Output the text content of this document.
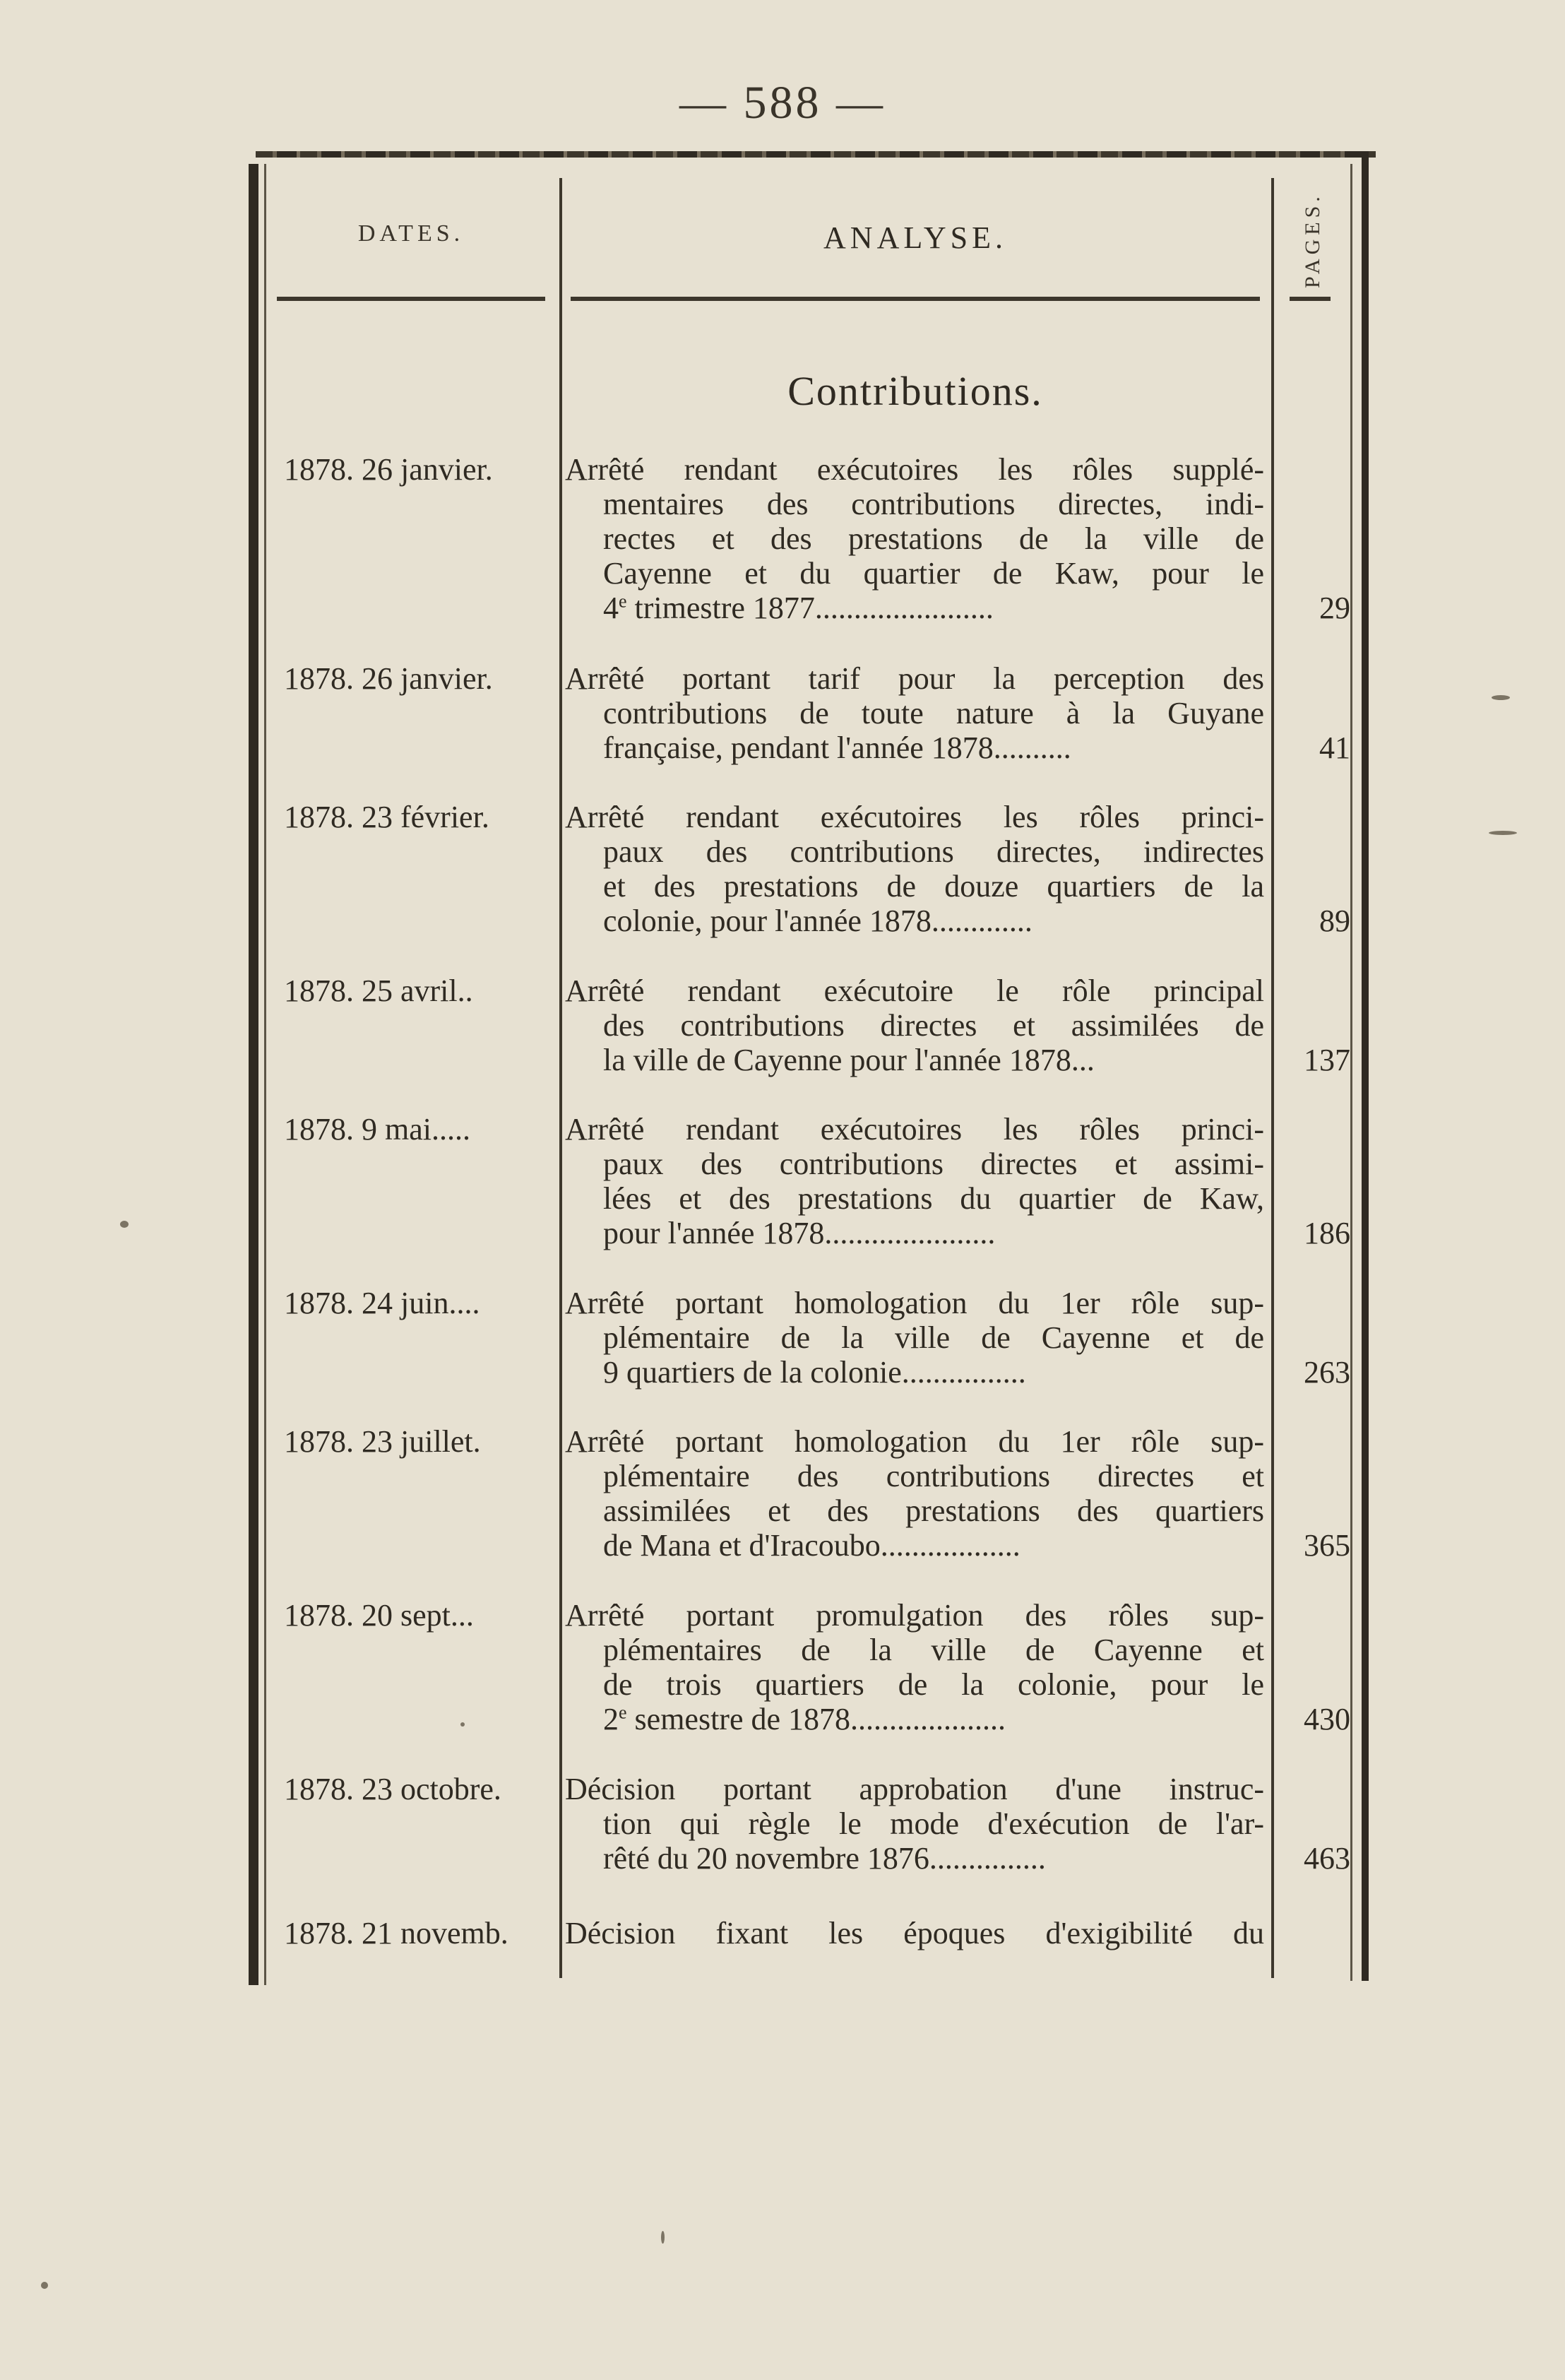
— 588 —
DATES.	ANALYSE.	PAGES.
Contributions.
1878. 26 janvier.	Arrêté rendant exécutoires les rôles supplé-
mentaires des contributions directes, indi-
rectes et des prestations de la ville de
Cayenne et du quartier de Kaw, pour le
4e trimestre 1877.......................	29
1878. 26 janvier.	Arrêté portant tarif pour la perception des
contributions de toute nature à la Guyane
française, pendant l'année 1878..........	41
1878. 23 février.	Arrêté rendant exécutoires les rôles princi-
paux des contributions directes, indirectes
et des prestations de douze quartiers de la
colonie, pour l'année 1878.............	89
1878. 25 avril..	Arrêté rendant exécutoire le rôle principal
des contributions directes et assimilées de
la ville de Cayenne pour l'année 1878...	137
1878. 9 mai.....	Arrêté rendant exécutoires les rôles princi-
paux des contributions directes et assimi-
lées et des prestations du quartier de Kaw,
pour l'année 1878......................	186
1878. 24 juin....	Arrêté portant homologation du 1er rôle sup-
plémentaire de la ville de Cayenne et de
9 quartiers de la colonie................	263
1878. 23 juillet.	Arrêté portant homologation du 1er rôle sup-
plémentaire des contributions directes et
assimilées et des prestations des quartiers
de Mana et d'Iracoubo..................	365
1878. 20 sept...	Arrêté portant promulgation des rôles sup-
plémentaires de la ville de Cayenne et
de trois quartiers de la colonie, pour le
2e semestre de 1878....................	430
1878. 23 octobre.	Décision portant approbation d'une instruc-
tion qui règle le mode d'exécution de l'ar-
rêté du 20 novembre 1876...............	463
1878. 21 novemb.	Décision fixant les époques d'exigibilité du
